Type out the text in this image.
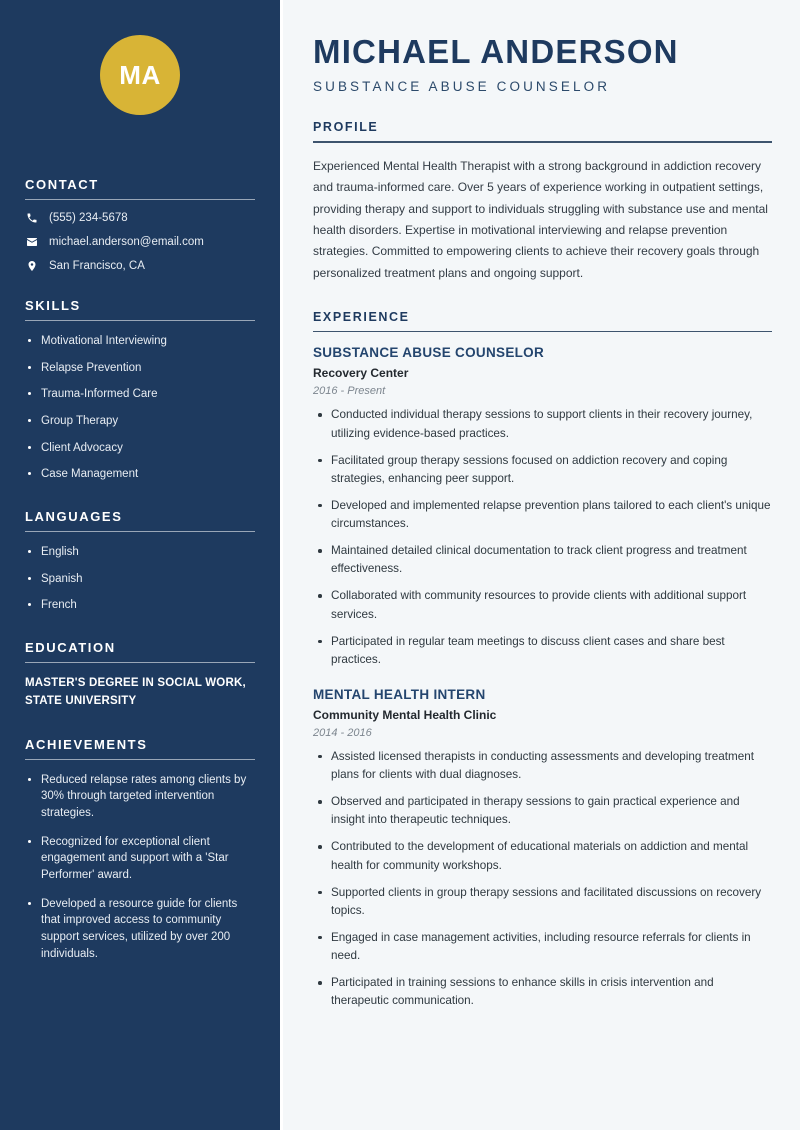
MA
CONTACT
(555) 234-5678
michael.anderson@email.com
San Francisco, CA
SKILLS
Motivational Interviewing
Relapse Prevention
Trauma-Informed Care
Group Therapy
Client Advocacy
Case Management
LANGUAGES
English
Spanish
French
EDUCATION
MASTER'S DEGREE IN SOCIAL WORK, STATE UNIVERSITY
ACHIEVEMENTS
Reduced relapse rates among clients by 30% through targeted intervention strategies.
Recognized for exceptional client engagement and support with a 'Star Performer' award.
Developed a resource guide for clients that improved access to community support services, utilized by over 200 individuals.
MICHAEL ANDERSON
SUBSTANCE ABUSE COUNSELOR
PROFILE

Experienced Mental Health Therapist with a strong background in addiction recovery and trauma-informed care. Over 5 years of experience working in outpatient settings, providing therapy and support to individuals struggling with substance use and mental health disorders. Expertise in motivational interviewing and relapse prevention strategies. Committed to empowering clients to achieve their recovery goals through personalized treatment plans and ongoing support.

EXPERIENCE
SUBSTANCE ABUSE COUNSELOR
Recovery Center
2016 - Present
Conducted individual therapy sessions to support clients in their recovery journey, utilizing evidence-based practices.
Facilitated group therapy sessions focused on addiction recovery and coping strategies, enhancing peer support.
Developed and implemented relapse prevention plans tailored to each client's unique circumstances.
Maintained detailed clinical documentation to track client progress and treatment effectiveness.
Collaborated with community resources to provide clients with additional support services.
Participated in regular team meetings to discuss client cases and share best practices.
MENTAL HEALTH INTERN
Community Mental Health Clinic
2014 - 2016
Assisted licensed therapists in conducting assessments and developing treatment plans for clients with dual diagnoses.
Observed and participated in therapy sessions to gain practical experience and insight into therapeutic techniques.
Contributed to the development of educational materials on addiction and mental health for community workshops.
Supported clients in group therapy sessions and facilitated discussions on recovery topics.
Engaged in case management activities, including resource referrals for clients in need.
Participated in training sessions to enhance skills in crisis intervention and therapeutic communication.
